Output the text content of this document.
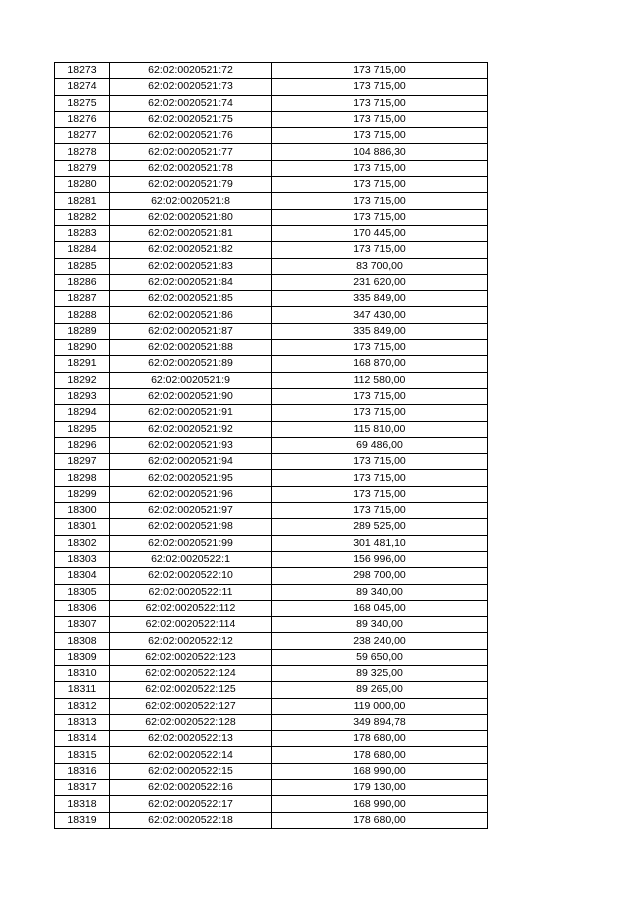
18273	62:02:0020521:72	173 715,00
18274	62:02:0020521:73	173 715,00
18275	62:02:0020521:74	173 715,00
18276	62:02:0020521:75	173 715,00
18277	62:02:0020521:76	173 715,00
18278	62:02:0020521:77	104 886,30
18279	62:02:0020521:78	173 715,00
18280	62:02:0020521:79	173 715,00
18281	62:02:0020521:8	173 715,00
18282	62:02:0020521:80	173 715,00
18283	62:02:0020521:81	170 445,00
18284	62:02:0020521:82	173 715,00
18285	62:02:0020521:83	83 700,00
18286	62:02:0020521:84	231 620,00
18287	62:02:0020521:85	335 849,00
18288	62:02:0020521:86	347 430,00
18289	62:02:0020521:87	335 849,00
18290	62:02:0020521:88	173 715,00
18291	62:02:0020521:89	168 870,00
18292	62:02:0020521:9	112 580,00
18293	62:02:0020521:90	173 715,00
18294	62:02:0020521:91	173 715,00
18295	62:02:0020521:92	115 810,00
18296	62:02:0020521:93	69 486,00
18297	62:02:0020521:94	173 715,00
18298	62:02:0020521:95	173 715,00
18299	62:02:0020521:96	173 715,00
18300	62:02:0020521:97	173 715,00
18301	62:02:0020521:98	289 525,00
18302	62:02:0020521:99	301 481,10
18303	62:02:0020522:1	156 996,00
18304	62:02:0020522:10	298 700,00
18305	62:02:0020522:11	89 340,00
18306	62:02:0020522:112	168 045,00
18307	62:02:0020522:114	89 340,00
18308	62:02:0020522:12	238 240,00
18309	62:02:0020522:123	59 650,00
18310	62:02:0020522:124	89 325,00
18311	62:02:0020522:125	89 265,00
18312	62:02:0020522:127	119 000,00
18313	62:02:0020522:128	349 894,78
18314	62:02:0020522:13	178 680,00
18315	62:02:0020522:14	178 680,00
18316	62:02:0020522:15	168 990,00
18317	62:02:0020522:16	179 130,00
18318	62:02:0020522:17	168 990,00
18319	62:02:0020522:18	178 680,00
